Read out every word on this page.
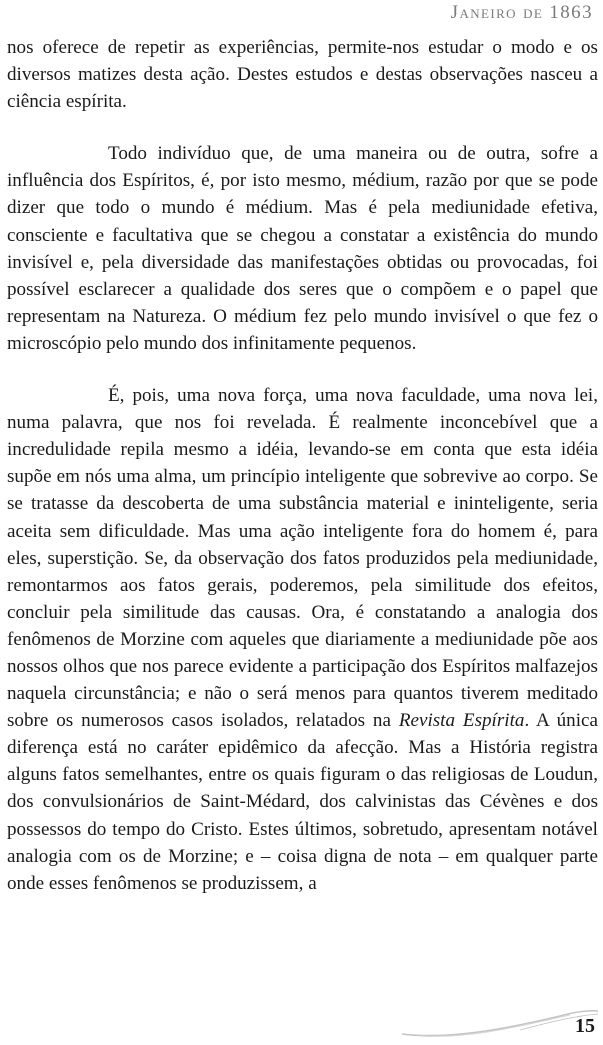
Janeiro de 1863

nos oferece de repetir as experiências, permite-nos estudar o modo e os diversos matizes desta ação. Destes estudos e destas observações nasceu a ciência espírita.

Todo indivíduo que, de uma maneira ou de outra, sofre a influência dos Espíritos, é, por isto mesmo, médium, razão por que se pode dizer que todo o mundo é médium. Mas é pela mediunidade efetiva, consciente e facultativa que se chegou a constatar a existência do mundo invisível e, pela diversidade das manifestações obtidas ou provocadas, foi possível esclarecer a qualidade dos seres que o compõem e o papel que representam na Natureza. O médium fez pelo mundo invisível o que fez o microscópio pelo mundo dos infinitamente pequenos.

É, pois, uma nova força, uma nova faculdade, uma nova lei, numa palavra, que nos foi revelada. É realmente inconcebível que a incredulidade repila mesmo a idéia, levando-se em conta que esta idéia supõe em nós uma alma, um princípio inteligente que sobrevive ao corpo. Se se tratasse da descoberta de uma substância material e ininteligente, seria aceita sem dificuldade. Mas uma ação inteligente fora do homem é, para eles, superstição. Se, da observação dos fatos produzidos pela mediunidade, remontarmos aos fatos gerais, poderemos, pela similitude dos efeitos, concluir pela similitude das causas. Ora, é constatando a analogia dos fenômenos de Morzine com aqueles que diariamente a mediunidade põe aos nossos olhos que nos parece evidente a participação dos Espíritos malfazejos naquela circunstância; e não o será menos para quantos tiverem meditado sobre os numerosos casos isolados, relatados na Revista Espírita. A única diferença está no caráter epidêmico da afecção. Mas a História registra alguns fatos semelhantes, entre os quais figuram o das religiosas de Loudun, dos convulsionários de Saint-Médard, dos calvinistas das Cévènes e dos possessos do tempo do Cristo. Estes últimos, sobretudo, apresentam notável analogia com os de Morzine; e – coisa digna de nota – em qualquer parte onde esses fenômenos se produzissem, a

15
